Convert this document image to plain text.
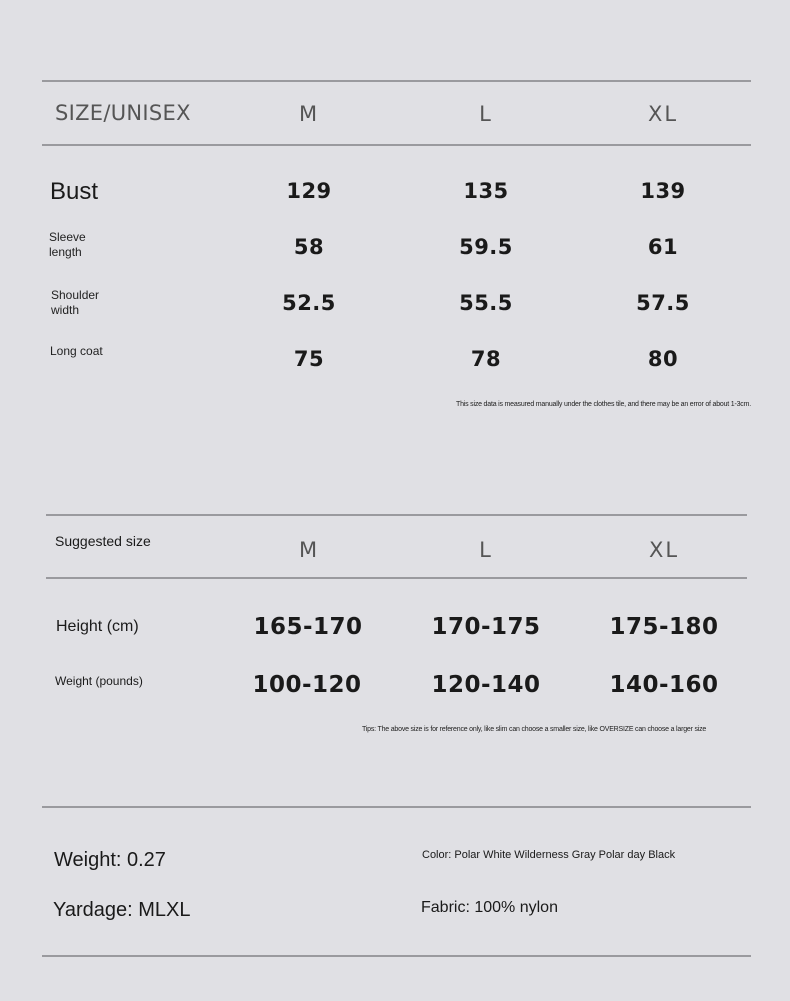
SIZE/UNISEX	M	L	XL
Bust	129	135	139
Sleeve
length	58	59.5	61
Shoulder
width	52.5	55.5	57.5
Long coat	75	78	80
This size data is measured manually under the clothes tile, and there may be an error of about 1-3cm.
Suggested size	M	L	XL
Height (cm)	165-170	170-175	175-180
Weight (pounds)	100-120	120-140	140-160
Tips: The above size is for reference only, like slim can choose a smaller size, like OVERSIZE can choose a larger size
Weight: 0.27	Color: Polar White Wilderness Gray Polar day Black
Yardage: MLXL	Fabric: 100% nylon
